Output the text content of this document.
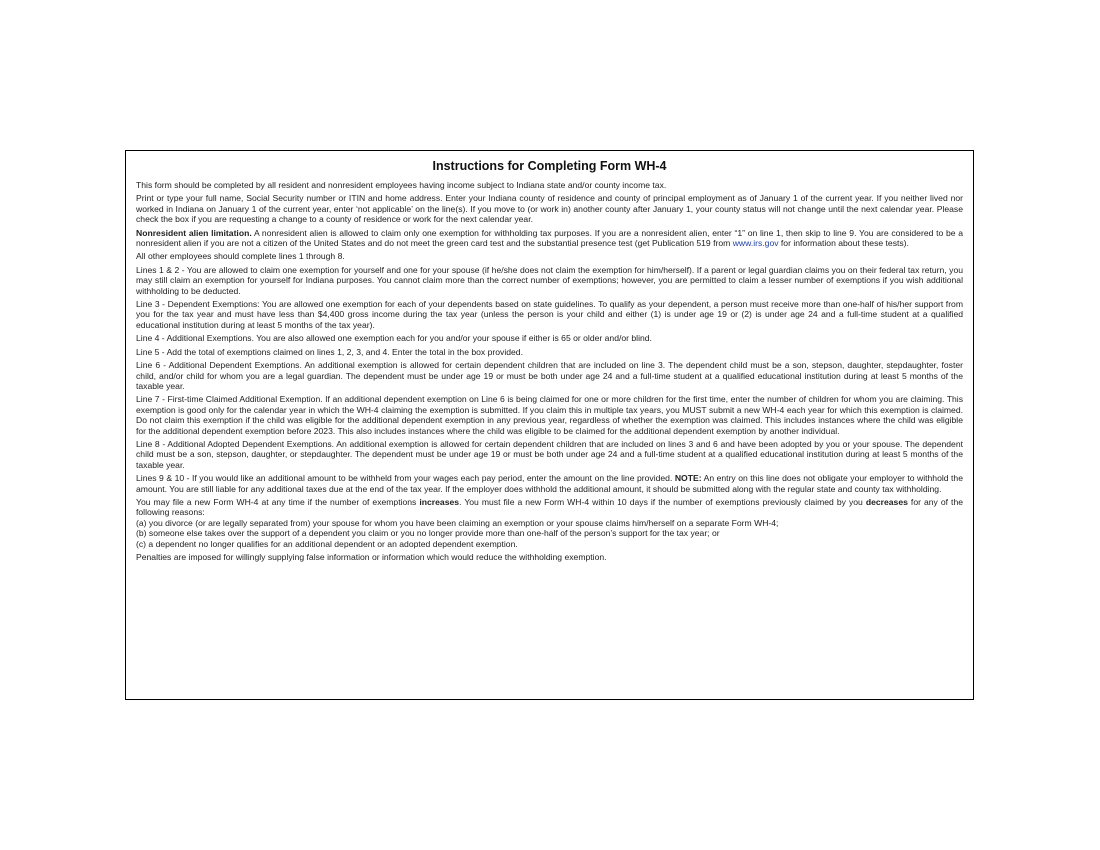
Instructions for Completing Form WH-4

This form should be completed by all resident and nonresident employees having income subject to Indiana state and/or county income tax.

Print or type your full name, Social Security number or ITIN and home address. Enter your Indiana county of residence and county of principal employment as of January 1 of the current year. If you neither lived nor worked in Indiana on January 1 of the current year, enter ‘not applicable’ on the line(s). If you move to (or work in) another county after January 1, your county status will not change until the next calendar year. Please check the box if you are requesting a change to a county of residence or work for the next calendar year.

Nonresident alien limitation. A nonresident alien is allowed to claim only one exemption for withholding tax purposes. If you are a nonresident alien, enter “1” on line 1, then skip to line 9. You are considered to be a nonresident alien if you are not a citizen of the United States and do not meet the green card test and the substantial presence test (get Publication 519 from www.irs.gov for information about these tests).

All other employees should complete lines 1 through 8.

Lines 1 & 2 - You are allowed to claim one exemption for yourself and one for your spouse (if he/she does not claim the exemption for him/herself). If a parent or legal guardian claims you on their federal tax return, you may still claim an exemption for yourself for Indiana purposes. You cannot claim more than the correct number of exemptions; however, you are permitted to claim a lesser number of exemptions if you wish additional withholding to be deducted.

Line 3 - Dependent Exemptions: You are allowed one exemption for each of your dependents based on state guidelines. To qualify as your dependent, a person must receive more than one-half of his/her support from you for the tax year and must have less than $4,400 gross income during the tax year (unless the person is your child and either (1) is under age 19 or (2) is under age 24 and a full-time student at a qualified educational institution during at least 5 months of the tax year).

Line 4 - Additional Exemptions. You are also allowed one exemption each for you and/or your spouse if either is 65 or older and/or blind.

Line 5 - Add the total of exemptions claimed on lines 1, 2, 3, and 4. Enter the total in the box provided.

Line 6 - Additional Dependent Exemptions. An additional exemption is allowed for certain dependent children that are included on line 3. The dependent child must be a son, stepson, daughter, stepdaughter, foster child, and/or child for whom you are a legal guardian. The dependent must be under age 19 or must be both under age 24 and a full-time student at a qualified educational institution during at least 5 months of the taxable year.

Line 7 - First-time Claimed Additional Exemption. If an additional dependent exemption on Line 6 is being claimed for one or more children for the first time, enter the number of children for whom you are claiming. This exemption is good only for the calendar year in which the WH-4 claiming the exemption is submitted. If you claim this in multiple tax years, you MUST submit a new WH-4 each year for which this exemption is claimed. Do not claim this exemption if the child was eligible for the additional dependent exemption in any previous year, regardless of whether the exemption was claimed. This includes instances where the child was eligible for the additional dependent exemption before 2023. This also includes instances where the child was eligible to be claimed for the additional dependent exemption by another individual.

Line 8 - Additional Adopted Dependent Exemptions. An additional exemption is allowed for certain dependent children that are included on lines 3 and 6 and have been adopted by you or your spouse. The dependent child must be a son, stepson, daughter, or stepdaughter. The dependent must be under age 19 or must be both under age 24 and a full-time student at a qualified educational institution during at least 5 months of the taxable year.

Lines 9 & 10 - If you would like an additional amount to be withheld from your wages each pay period, enter the amount on the line provided. NOTE: An entry on this line does not obligate your employer to withhold the amount. You are still liable for any additional taxes due at the end of the tax year. If the employer does withhold the additional amount, it should be submitted along with the regular state and county tax withholding.

You may file a new Form WH-4 at any time if the number of exemptions increases. You must file a new Form WH-4 within 10 days if the number of exemptions previously claimed by you decreases for any of the following reasons:
(a) you divorce (or are legally separated from) your spouse for whom you have been claiming an exemption or your spouse claims him/herself on a separate Form WH-4;
(b) someone else takes over the support of a dependent you claim or you no longer provide more than one-half of the person’s support for the tax year; or
(c) a dependent no longer qualifies for an additional dependent or an adopted dependent exemption.

Penalties are imposed for willingly supplying false information or information which would reduce the withholding exemption.
